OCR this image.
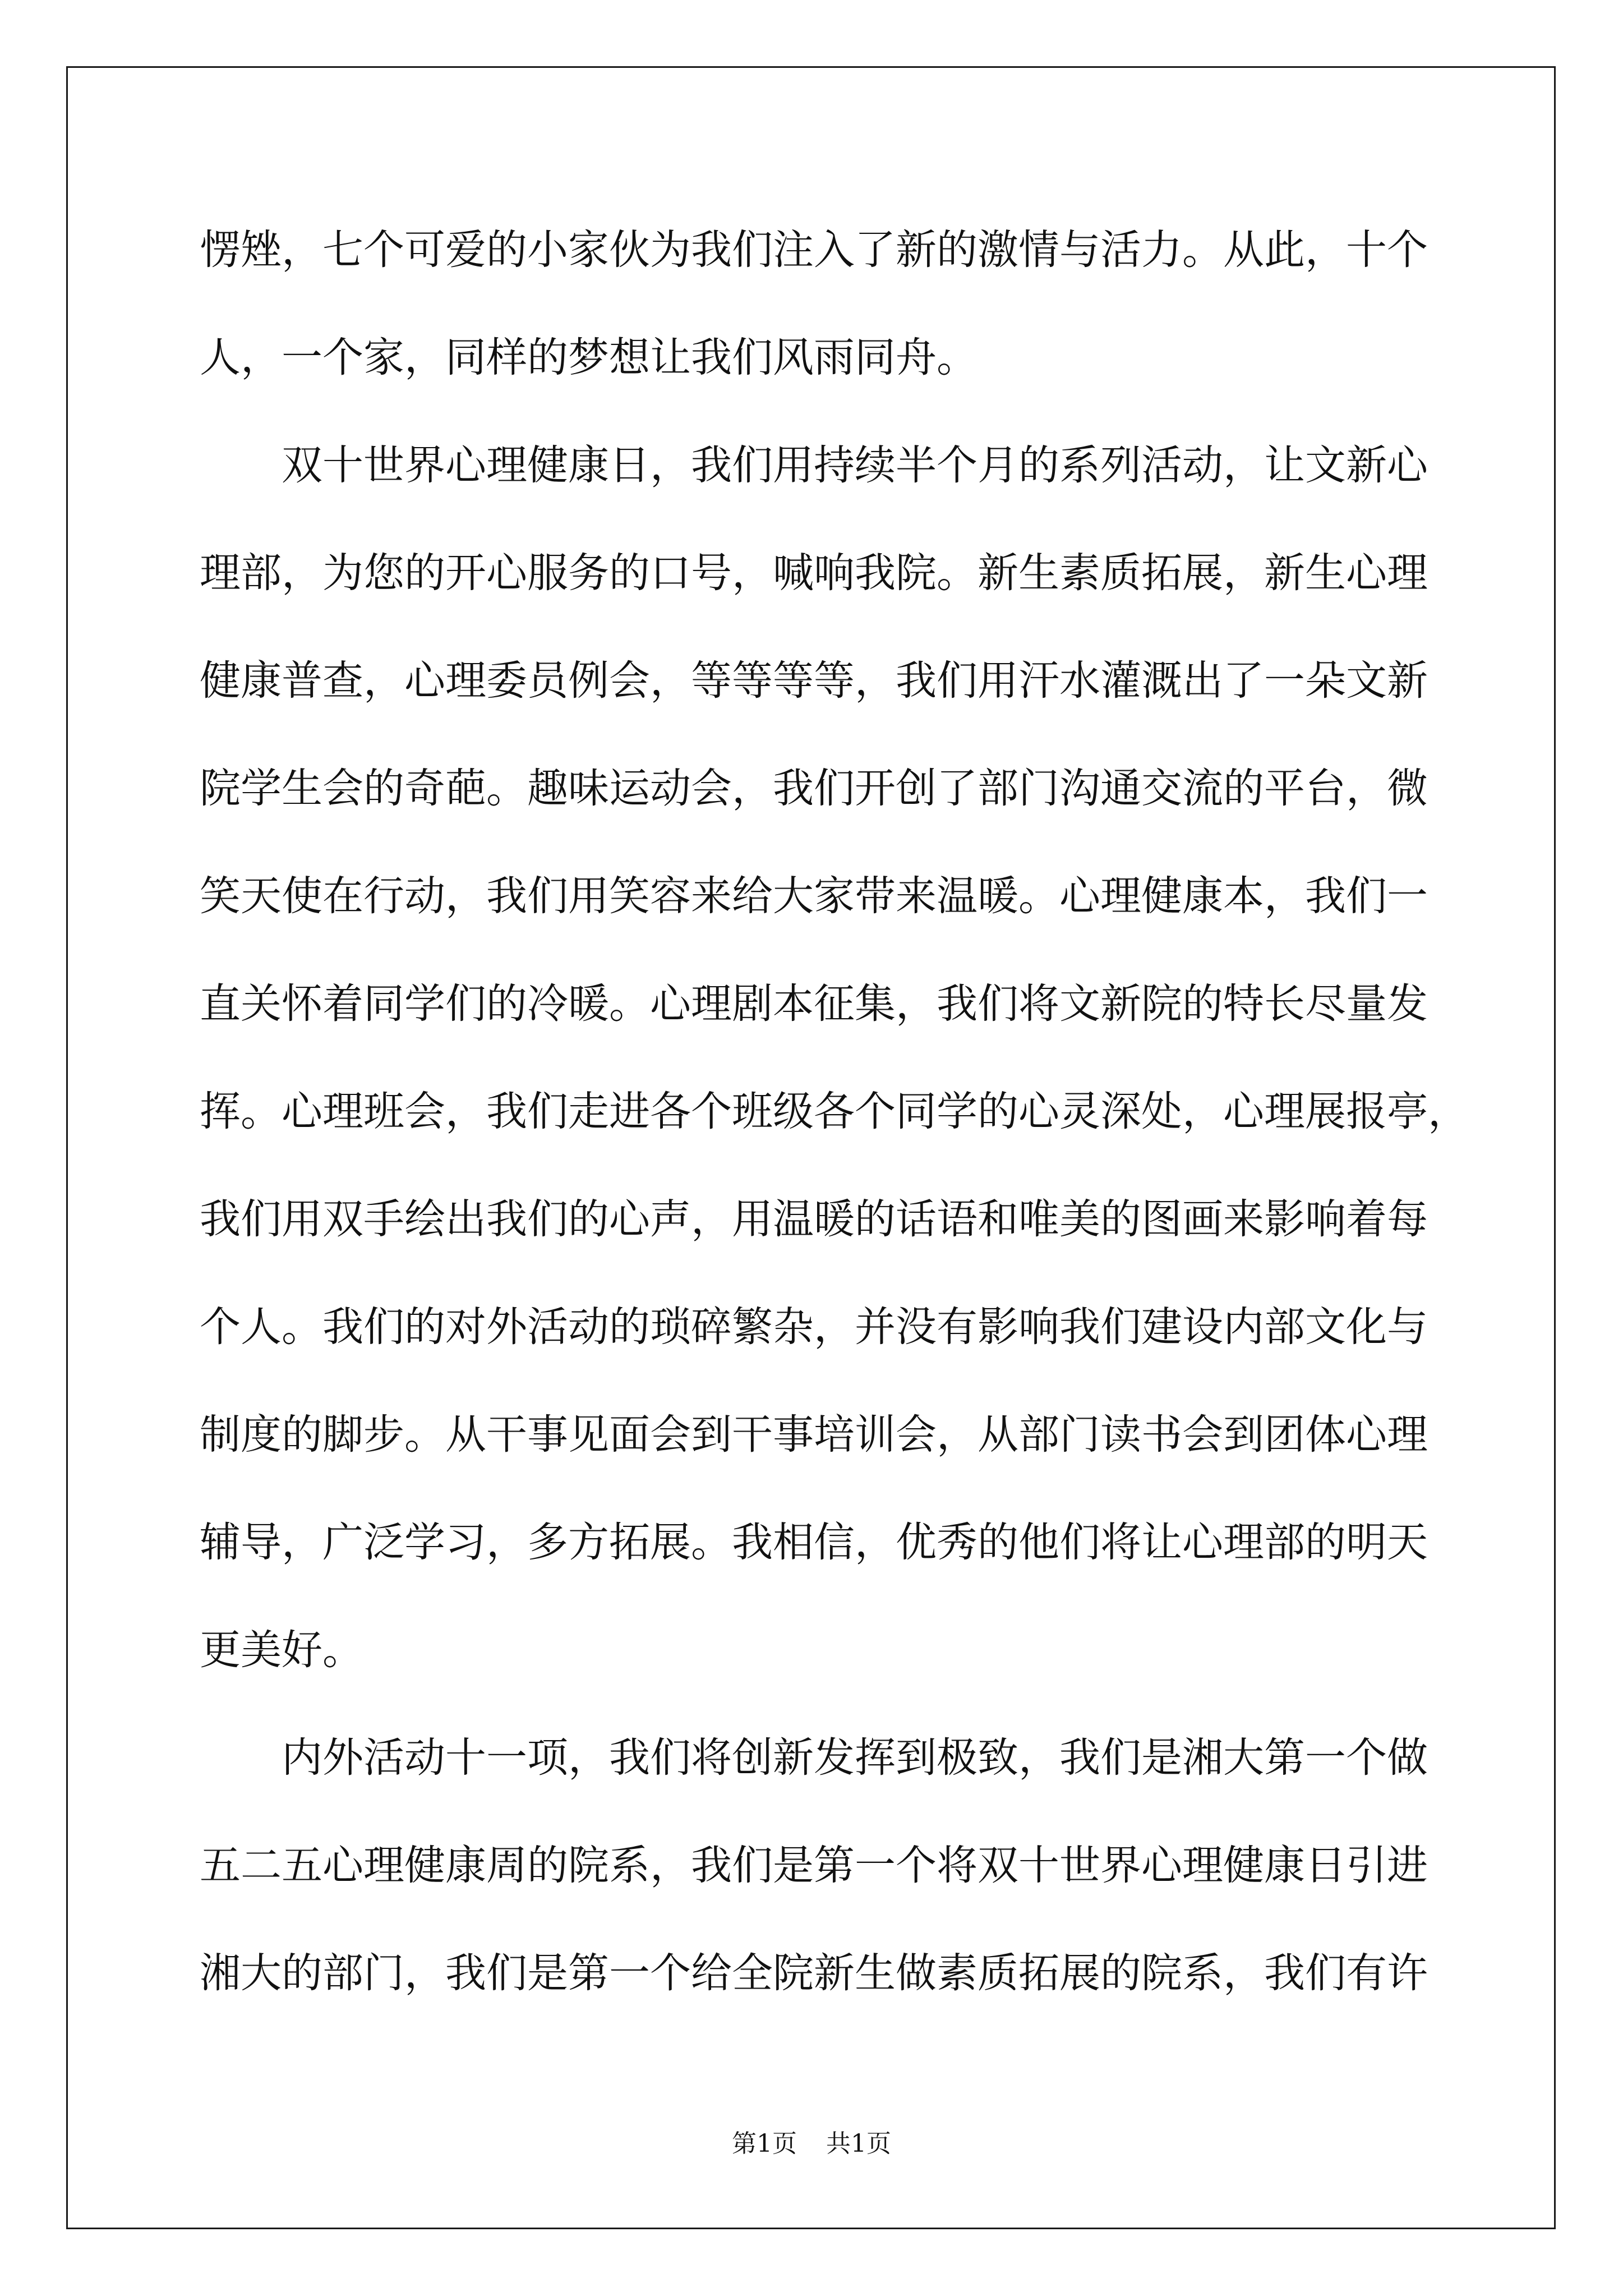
愣矬，七个可爱的小家伙为我们注入了新的激情与活力。从此，十个
人，一个家，同样的梦想让我们风雨同舟。
双十世界心理健康日，我们用持续半个月的系列活动，让文新心
理部，为您的开心服务的口号，喊响我院。新生素质拓展，新生心理
健康普查，心理委员例会，等等等等，我们用汗水灌溉出了一朵文新
院学生会的奇葩。趣味运动会，我们开创了部门沟通交流的平台，微
笑天使在行动，我们用笑容来给大家带来温暖。心理健康本，我们一
直关怀着同学们的冷暖。心理剧本征集，我们将文新院的特长尽量发
挥。心理班会，我们走进各个班级各个同学的心灵深处，心理展报亭，
我们用双手绘出我们的心声，用温暖的话语和唯美的图画来影响着每
个人。我们的对外活动的琐碎繁杂，并没有影响我们建设内部文化与
制度的脚步。从干事见面会到干事培训会，从部门读书会到团体心理
辅导，广泛学习，多方拓展。我相信，优秀的他们将让心理部的明天
更美好。
内外活动十一项，我们将创新发挥到极致，我们是湘大第一个做
五二五心理健康周的院系，我们是第一个将双十世界心理健康日引进
湘大的部门，我们是第一个给全院新生做素质拓展的院系，我们有许
第1页 共1页
